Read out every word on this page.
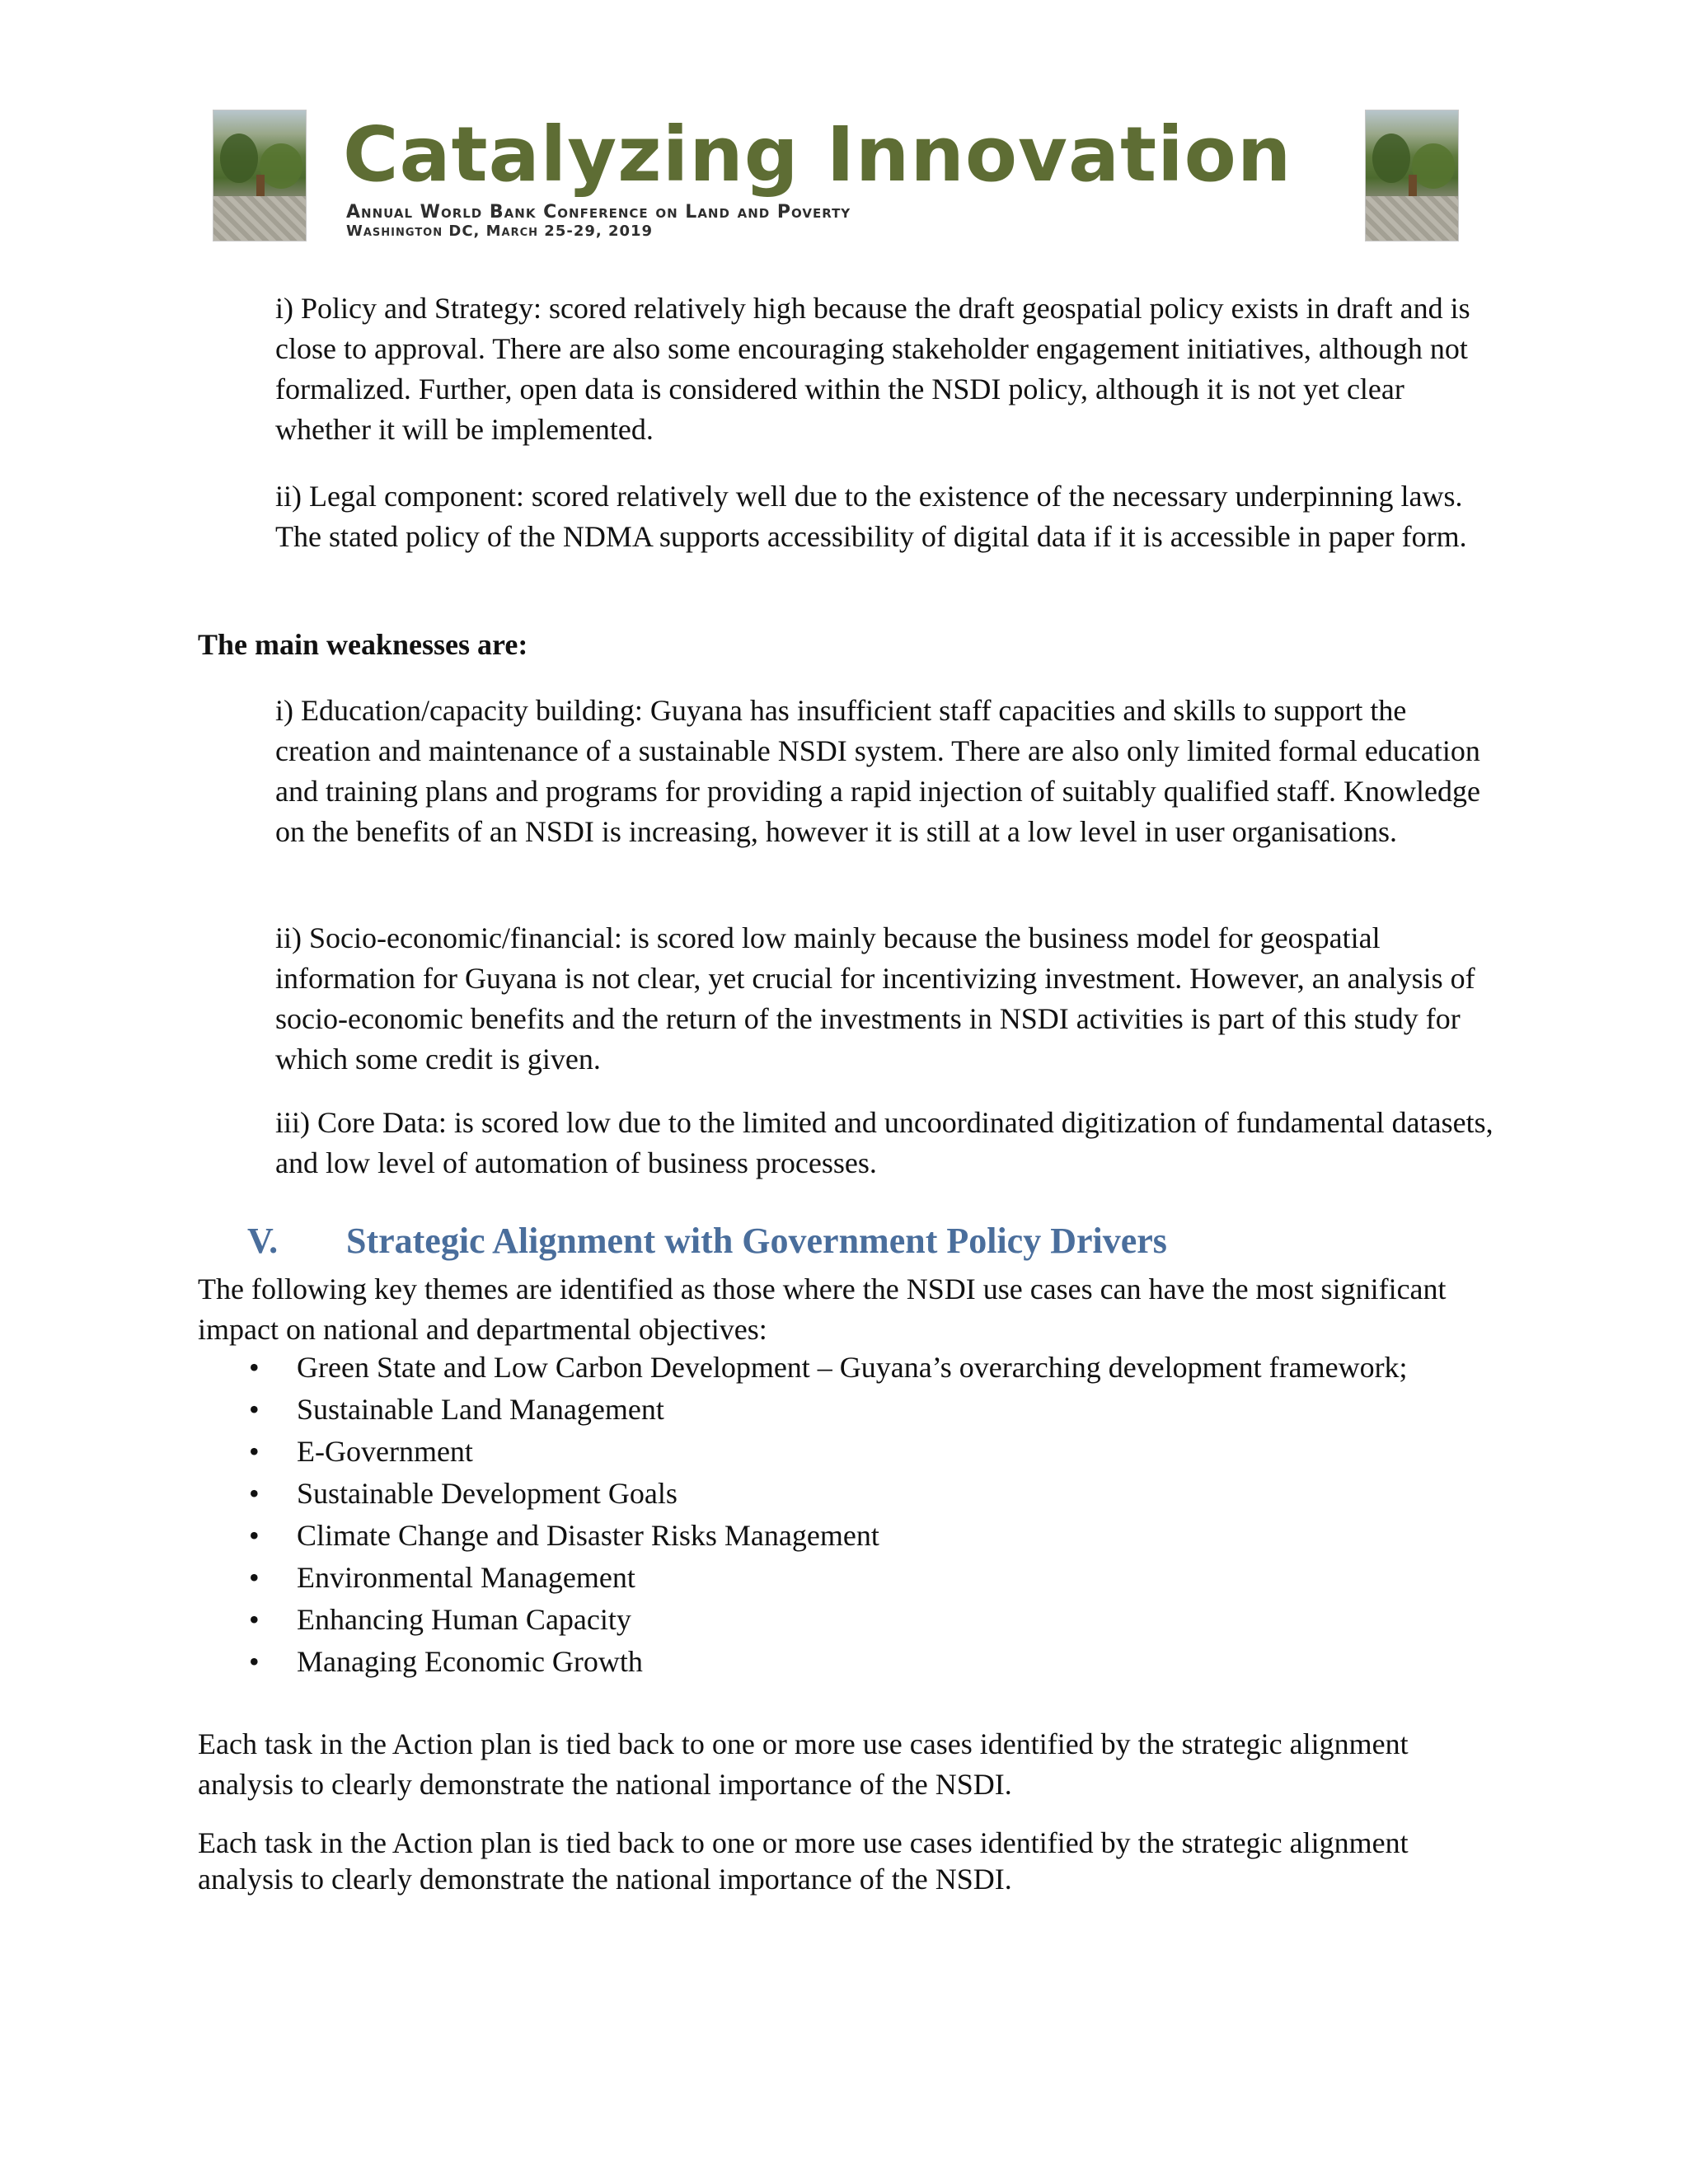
Catalyzing Innovation
Annual World Bank Conference on Land and Poverty
Washington DC, March 25-29, 2019

i) Policy and Strategy: scored relatively high because the draft geospatial policy exists in draft and is close to approval. There are also some encouraging stakeholder engagement initiatives, although not formalized. Further, open data is considered within the NSDI policy, although it is not yet clear whether it will be implemented.

ii) Legal component: scored relatively well due to the existence of the necessary underpinning laws. The stated policy of the NDMA supports accessibility of digital data if it is accessible in paper form.

The main weaknesses are:

i) Education/capacity building: Guyana has insufficient staff capacities and skills to support the creation and maintenance of a sustainable NSDI system. There are also only limited formal education and training plans and programs for providing a rapid injection of suitably qualified staff. Knowledge on the benefits of an NSDI is increasing, however it is still at a low level in user organisations.

ii) Socio-economic/financial: is scored low mainly because the business model for geospatial information for Guyana is not clear, yet crucial for incentivizing investment. However, an analysis of socio-economic benefits and the return of the investments in NSDI activities is part of this study for which some credit is given.

iii) Core Data: is scored low due to the limited and uncoordinated digitization of fundamental datasets, and low level of automation of business processes.

V. Strategic Alignment with Government Policy Drivers

The following key themes are identified as those where the NSDI use cases can have the most significant impact on national and departmental objectives:

• Green State and Low Carbon Development – Guyana’s overarching development framework;
• Sustainable Land Management
• E-Government
• Sustainable Development Goals
• Climate Change and Disaster Risks Management
• Environmental Management
• Enhancing Human Capacity
• Managing Economic Growth

Each task in the Action plan is tied back to one or more use cases identified by the strategic alignment analysis to clearly demonstrate the national importance of the NSDI.

Each task in the Action plan is tied back to one or more use cases identified by the strategic alignment analysis to clearly demonstrate the national importance of the NSDI.
